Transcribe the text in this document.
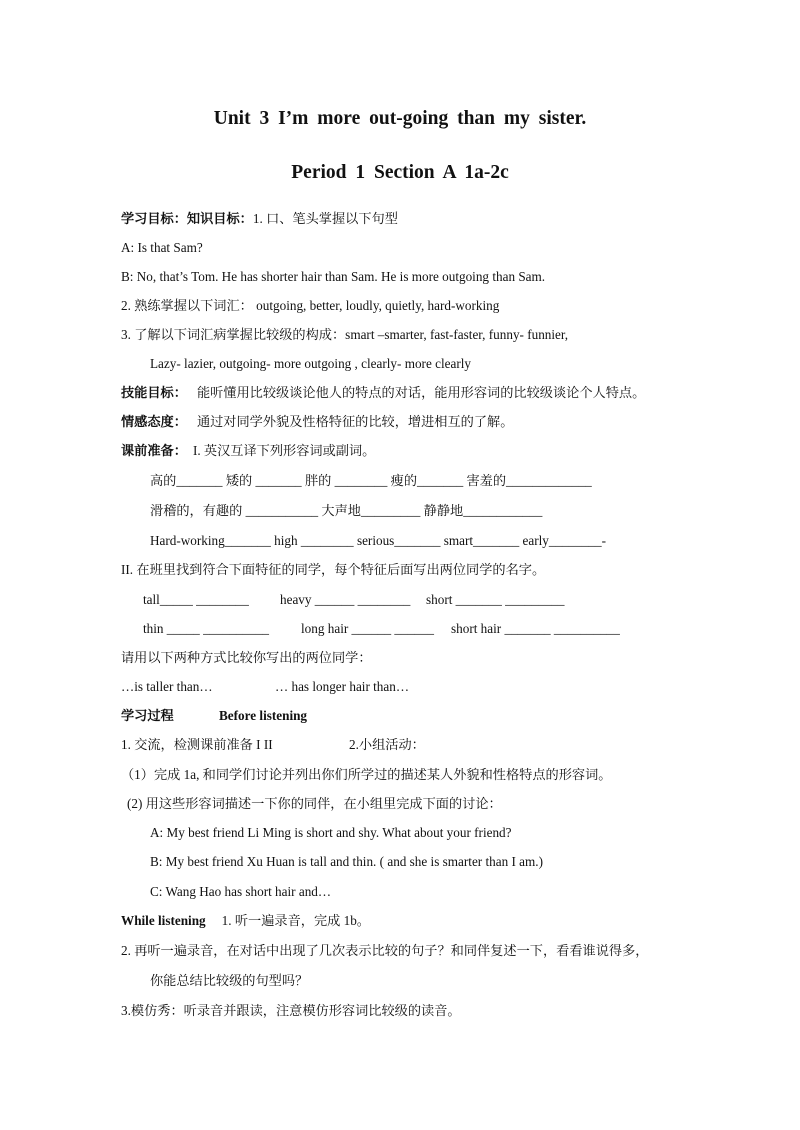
Unit 3 I’m more out-going than my sister.
Period 1 Section A 1a-2c
学习目标：知识目标：1. 口、笔头掌握以下句型
A: Is that Sam?
B: No, that’s Tom. He has shorter hair than Sam. He is more outgoing than Sam.
2. 熟练掌握以下词汇： outgoing, better, loudly, quietly, hard-working
3. 了解以下词汇病掌握比较级的构成：smart –smarter, fast-faster, funny- funnier,
Lazy- lazier, outgoing- more outgoing , clearly- more clearly
技能目标： 能听懂用比较级谈论他人的特点的对话，能用形容词的比较级谈论个人特点。
情感态度： 通过对同学外貌及性格特征的比较，增进相互的了解。
课前准备： I. 英汉互译下列形容词或副词。
高的_______ 矮的 _______ 胖的 ________ 瘦的_______ 害羞的_____________
滑稽的，有趣的 ___________ 大声地_________ 静静地____________
Hard-working_______ high ________ serious_______ smart_______ early________-
II. 在班里找到符合下面特征的同学，每个特征后面写出两位同学的名字。
tall_____ ________ heavy ______ ________ short _______ _________
thin _____ __________ long hair ______ ______ short hair _______ __________
请用以下两种方式比较你写出的两位同学：
…is taller than…	… has longer hair than…
学习过程	Before listening
1. 交流，检测课前准备 I II	2.小组活动：
（1）完成 1a, 和同学们讨论并列出你们所学过的描述某人外貌和性格特点的形容词。
(2) 用这些形容词描述一下你的同伴，在小组里完成下面的讨论：
A: My best friend Li Ming is short and shy. What about your friend?
B: My best friend Xu Huan is tall and thin. ( and she is smarter than I am.)
C: Wang Hao has short hair and…
While listening 1. 听一遍录音，完成 1b。
2. 再听一遍录音，在对话中出现了几次表示比较的句子？和同伴复述一下，看看谁说得多，
你能总结比较级的句型吗？
3.模仿秀：听录音并跟读，注意模仿形容词比较级的读音。
